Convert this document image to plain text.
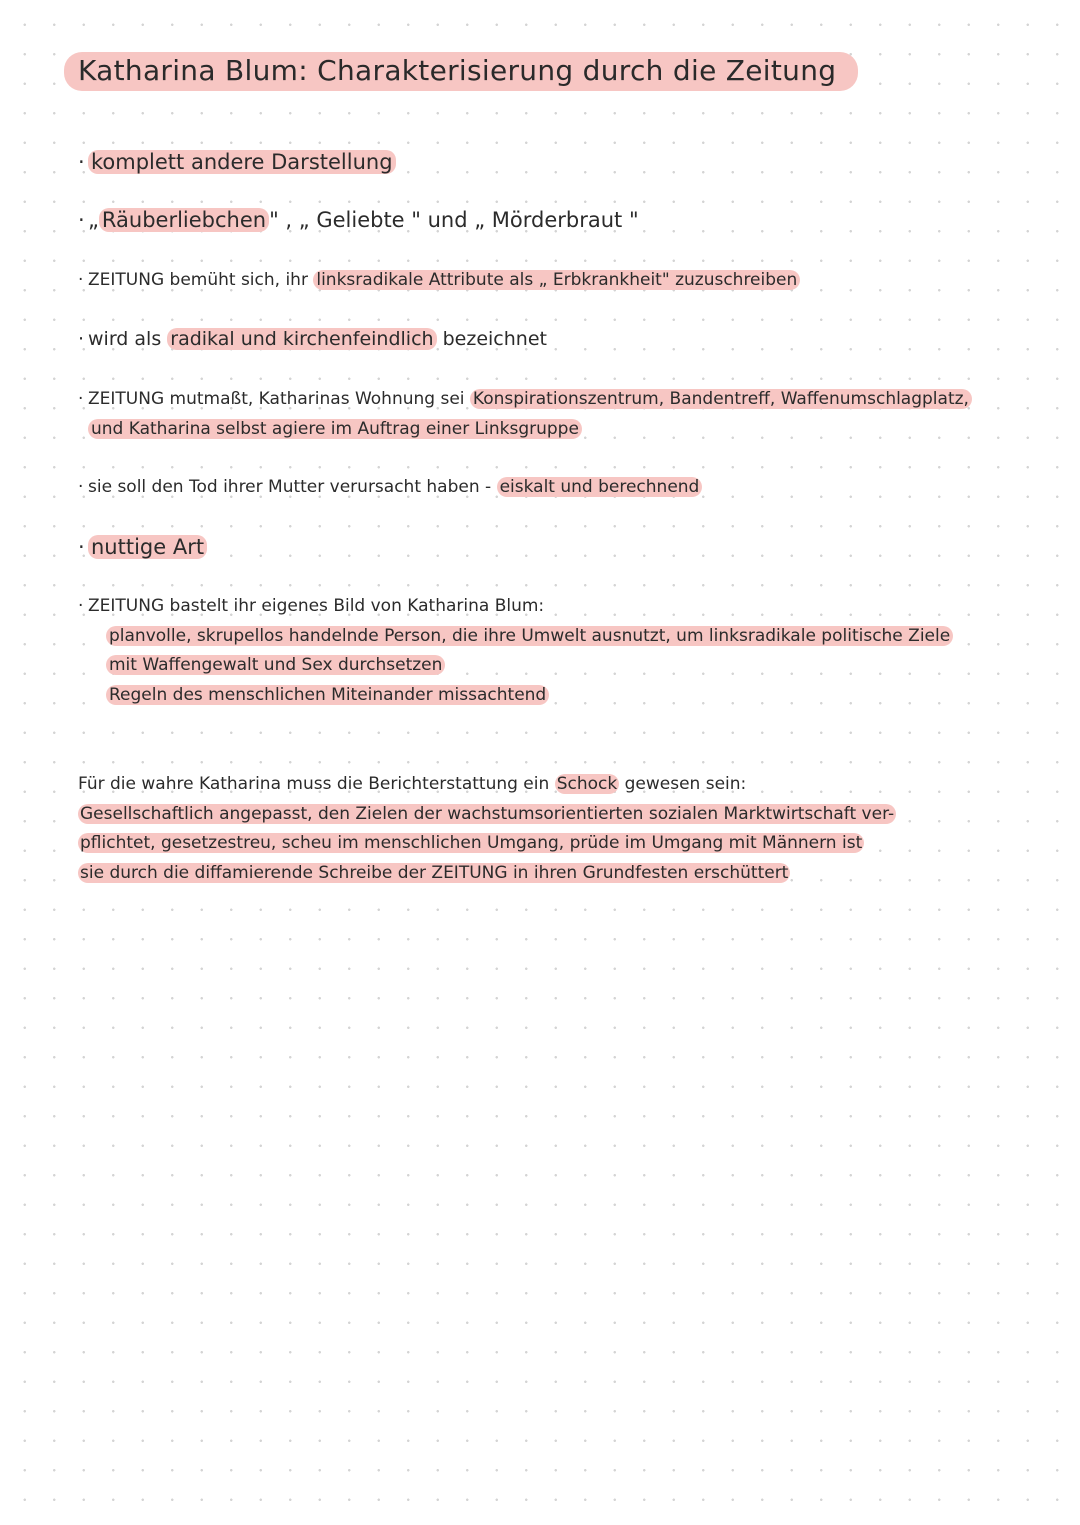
Katharina Blum: Charakterisierung durch die Zeitung
· komplett andere Darstellung
· „ Räuberliebchen " , „ Geliebte " und „ Mörderbraut "
· ZEITUNG bemüht sich, ihr linksradikale Attribute als „ Erbkrankheit" zuzuschreiben
· wird als radikal und kirchenfeindlich bezeichnet
· ZEITUNG mutmaßt, Katharinas Wohnung sei Konspirationszentrum, Bandentreff, Waffenumschlagplatz,
und Katharina selbst agiere im Auftrag einer Linksgruppe
· sie soll den Tod ihrer Mutter verursacht haben - eiskalt und berechnend
· nuttige Art
· ZEITUNG bastelt ihr eigenes Bild von Katharina Blum:
planvolle, skrupellos handelnde Person, die ihre Umwelt ausnutzt, um linksradikale politische Ziele
mit Waffengewalt und Sex durchsetzen
Regeln des menschlichen Miteinander missachtend
Für die wahre Katharina muss die Berichterstattung ein Schock gewesen sein:
Gesellschaftlich angepasst, den Zielen der wachstumsorientierten sozialen Marktwirtschaft ver-
pflichtet, gesetzestreu, scheu im menschlichen Umgang, prüde im Umgang mit Männern ist
sie durch die diffamierende Schreibe der ZEITUNG in ihren Grundfesten erschüttert
